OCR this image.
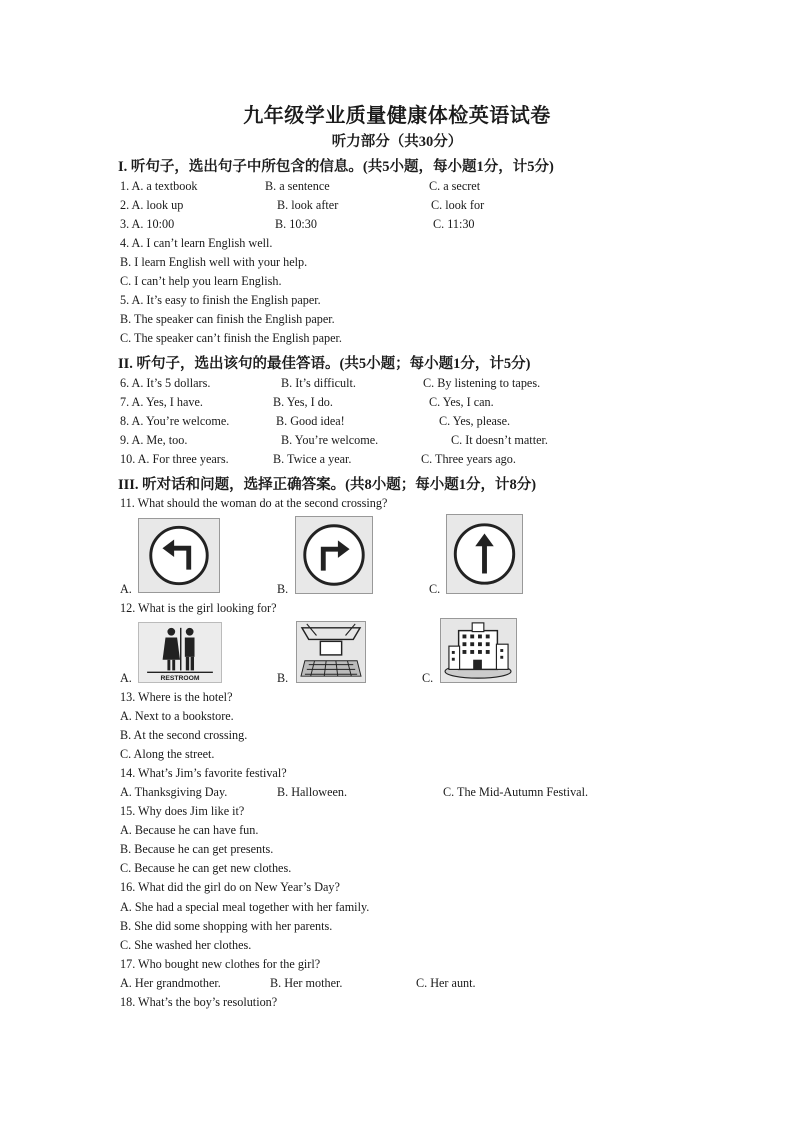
九年级学业质量健康体检英语试卷
听力部分（共30分）
I. 听句子，选出句子中所包含的信息。(共5小题，每小题1分，计5分)
1. A. a textbook	B. a sentence	C. a secret
2. A. look up	B. look after	C. look for
3. A. 10:00	B. 10:30	C. 11:30
4. A. I can’t learn English well.
B. I learn English well with your help.
C. I can’t help you learn English.
5. A. It’s easy to finish the English paper.
B. The speaker can finish the English paper.
C. The speaker can’t finish the English paper.
II. 听句子，选出该句的最佳答语。(共5小题；每小题1分，计5分)
6. A. It’s 5 dollars.	B. It’s difficult.	C. By listening to tapes.
7. A. Yes, I have.	B. Yes, I do.	C. Yes, I can.
8. A. You’re welcome.	B. Good idea!	C. Yes, please.
9. A. Me, too.	B. You’re welcome.	C. It doesn’t matter.
10. A. For three years.	B. Twice a year.	C. Three years ago.
III. 听对话和问题，选择正确答案。(共8小题；每小题1分，计8分)
11. What should the woman do at the second crossing?
A.	B.	C.
12. What is the girl looking for?
A.	RESTROOM	B.	C.
13. Where is the hotel?
A. Next to a bookstore.
B. At the second crossing.
C. Along the street.
14. What’s Jim’s favorite festival?
A. Thanksgiving Day.	B. Halloween.	C. The Mid-Autumn Festival.
15. Why does Jim like it?
A. Because he can have fun.
B. Because he can get presents.
C. Because he can get new clothes.
16. What did the girl do on New Year’s Day?
A. She had a special meal together with her family.
B. She did some shopping with her parents.
C. She washed her clothes.
17. Who bought new clothes for the girl?
A. Her grandmother.	B. Her mother.	C. Her aunt.
18. What’s the boy’s resolution?
